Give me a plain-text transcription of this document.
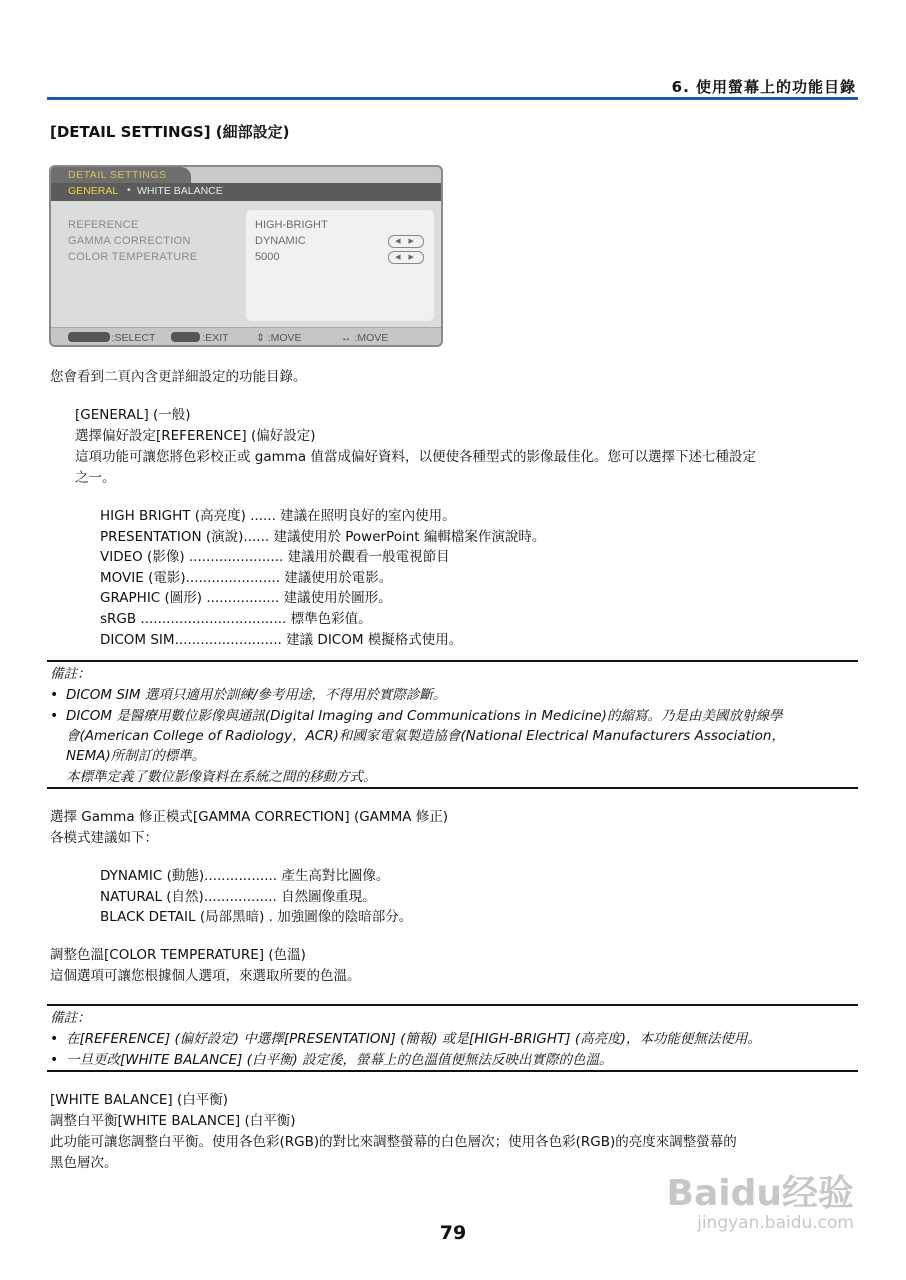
6. 使用螢幕上的功能目錄
[DETAIL SETTINGS] (細部設定)
DETAIL SETTINGS
GENERAL • WHITE BALANCE
REFERENCE
GAMMA CORRECTION
COLOR TEMPERATURE
HIGH-BRIGHT
DYNAMIC
5000
◀ ▶
◀ ▶
ENTER :SELECT EXIT :EXIT	⇕ :MOVE	↔ :MOVE
您會看到二頁內含更詳細設定的功能目錄。
[GENERAL] (一般)
選擇偏好設定[REFERENCE] (偏好設定)
這項功能可讓您將色彩校正或 gamma 值當成偏好資料，以便使各種型式的影像最佳化。您可以選擇下述七種設定
之一。
HIGH BRIGHT (高亮度) ...... 建議在照明良好的室內使用。
PRESENTATION (演說)...... 建議使用於 PowerPoint 編輯檔案作演說時。
VIDEO (影像) ...................... 建議用於觀看一般電視節目
MOVIE (電影)...................... 建議使用於電影。
GRAPHIC (圖形) ................. 建議使用於圖形。
sRGB .................................. 標準色彩值。
DICOM SIM......................... 建議 DICOM 模擬格式使用。
備註：
• DICOM SIM 選項只適用於訓練/參考用途，不得用於實際診斷。
• DICOM 是醫療用數位影像與通訊(Digital Imaging and Communications in Medicine)的縮寫。乃是由美國放射線學
會(American College of Radiology，ACR)和國家電氣製造協會(National Electrical Manufacturers Association，
NEMA)所制訂的標準。
本標準定義了數位影像資料在系統之間的移動方式。
選擇 Gamma 修正模式[GAMMA CORRECTION] (GAMMA 修正)
各模式建議如下：
DYNAMIC (動態)................. 產生高對比圖像。
NATURAL (自然)................. 自然圖像重現。
BLACK DETAIL (局部黑暗) . 加強圖像的陰暗部分。
調整色溫[COLOR TEMPERATURE] (色溫)
這個選項可讓您根據個人選項，來選取所要的色溫。
備註：
• 在[REFERENCE] (偏好設定) 中選擇[PRESENTATION] (簡報) 或是[HIGH-BRIGHT] (高亮度)，本功能便無法使用。
• 一旦更改[WHITE BALANCE] (白平衡) 設定後，螢幕上的色溫值便無法反映出實際的色溫。
[WHITE BALANCE] (白平衡)
調整白平衡[WHITE BALANCE] (白平衡)
此功能可讓您調整白平衡。使用各色彩(RGB)的對比來調整螢幕的白色層次；使用各色彩(RGB)的亮度來調整螢幕的
黑色層次。
Baidu经验
jingyan.baidu.com
79
